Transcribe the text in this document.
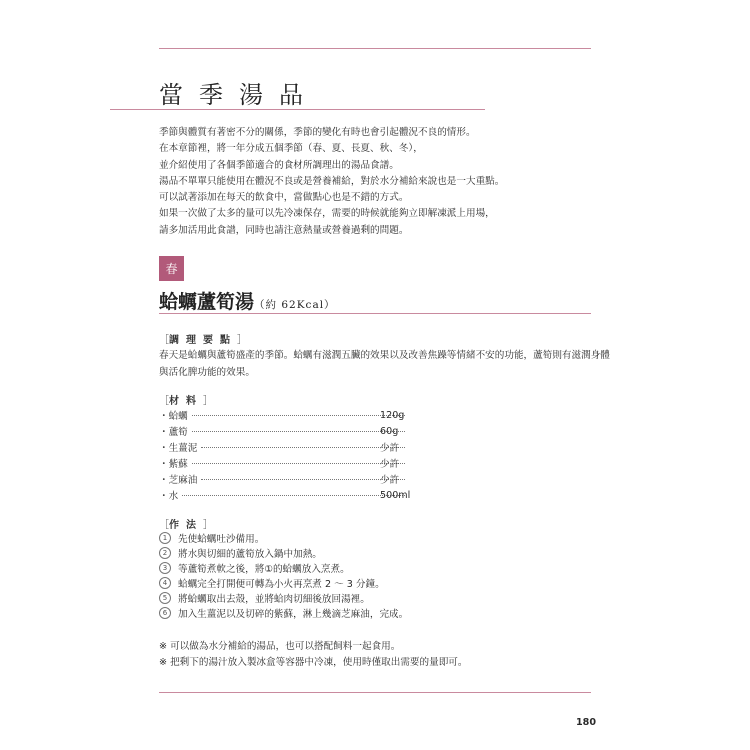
當季湯品
季節與體質有著密不分的關係，季節的變化有時也會引起體況不良的情形。
在本章節裡，將一年分成五個季節（春、夏、長夏、秋、冬），
並介紹使用了各個季節適合的食材所調理出的湯品食譜。
湯品不單單只能使用在體況不良或是營養補給，對於水分補給來說也是一大重點。
可以試著添加在每天的飲食中，當做點心也是不錯的方式。
如果一次做了太多的量可以先冷凍保存，需要的時候就能夠立即解凍派上用場，
請多加活用此食譜，同時也請注意熱量或營養過剩的問題。
春
蛤蠣蘆筍湯（約 62Kcal）
［調理要點］
春天是蛤蠣與蘆筍盛產的季節。蛤蠣有滋潤五臟的效果以及改善焦躁等情緒不安的功能，蘆筍則有滋潤身體與活化脾功能的效果。
［材料］
・蛤蠣	120g
・蘆筍	60g
・生薑泥	少許
・紫蘇	少許
・芝麻油	少許
・水	500ml
［作法］
1	先使蛤蠣吐沙備用。
2	將水與切細的蘆筍放入鍋中加熱。
3	等蘆筍煮軟之後，將①的蛤蠣放入烹煮。
4	蛤蠣完全打開便可轉為小火再烹煮 2 ～ 3 分鐘。
5	將蛤蠣取出去殼，並將蛤肉切細後放回湯裡。
6	加入生薑泥以及切碎的紫蘇，淋上幾滴芝麻油，完成。
※ 可以做為水分補給的湯品，也可以搭配飼料一起食用。
※ 把剩下的湯汁放入製冰盒等容器中冷凍，使用時僅取出需要的量即可。
180
